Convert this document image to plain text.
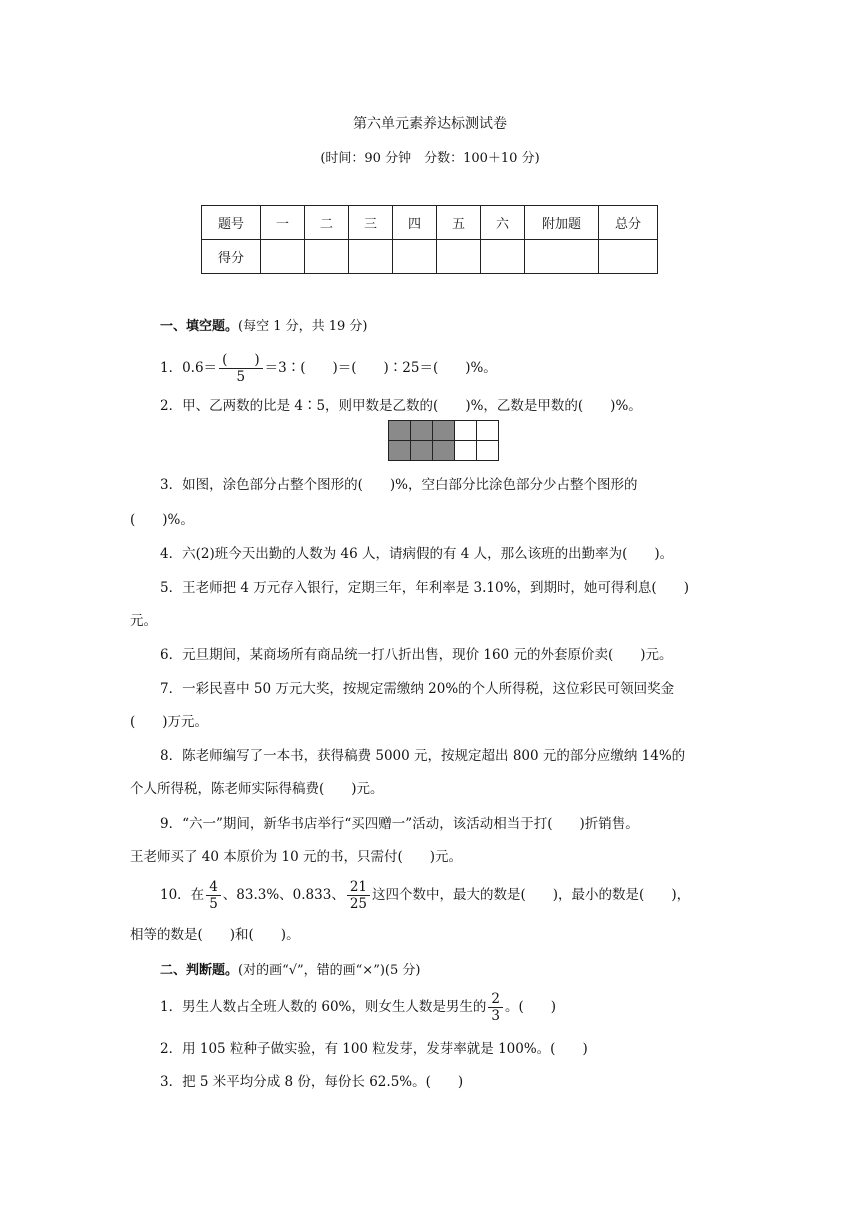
第六单元素养达标测试卷
(时间：90 分钟　分数：100＋10 分)
题号	一	二	三	四	五	六	附加题	总分
得分								
一、填空题。(每空 1 分，共 19 分)
1．$0.6= \frac{( )}{5}$ ＝3∶(　　)＝(　　)∶25＝(　　)%。
2．甲、乙两数的比是 4∶5，则甲数是乙数的(　　)%，乙数是甲数的(　　)%。

3．如图，涂色部分占整个图形的(　　)%，空白部分比涂色部分少占整个图形的
(　　)%。
4．六(2)班今天出勤的人数为 46 人，请病假的有 4 人，那么该班的出勤率为(　　)。
5．王老师把 4 万元存入银行，定期三年，年利率是 3.10%，到期时，她可得利息(　　)
元。
6．元旦期间，某商场所有商品统一打八折出售，现价 160 元的外套原价卖(　　)元。
7．一彩民喜中 50 万元大奖，按规定需缴纳 20%的个人所得税，这位彩民可领回奖金
(　　)万元。
8．陈老师编写了一本书，获得稿费 5000 元，按规定超出 800 元的部分应缴纳 14%的
个人所得税，陈老师实际得稿费(　　)元。
9．“六一”期间，新华书店举行“买四赠一”活动，该活动相当于打(　　)折销售。
王老师买了 40 本原价为 10 元的书，只需付(　　)元。
10．在 $\frac{4}{5}$ 、83.3%、0.833、 $\frac{21}{25}$ 这四个数中，最大的数是(　　)，最小的数是(　　)，
相等的数是(　　)和(　　)。
二、判断题。(对的画“√”，错的画“×”)(5 分)
1．男生人数占全班人数的 60%，则女生人数是男生的 $\frac{2}{3}$ 。(　　)
2．用 105 粒种子做实验，有 100 粒发芽，发芽率就是 100%。(　　)
3．把 5 米平均分成 8 份，每份长 62.5%。(　　)
